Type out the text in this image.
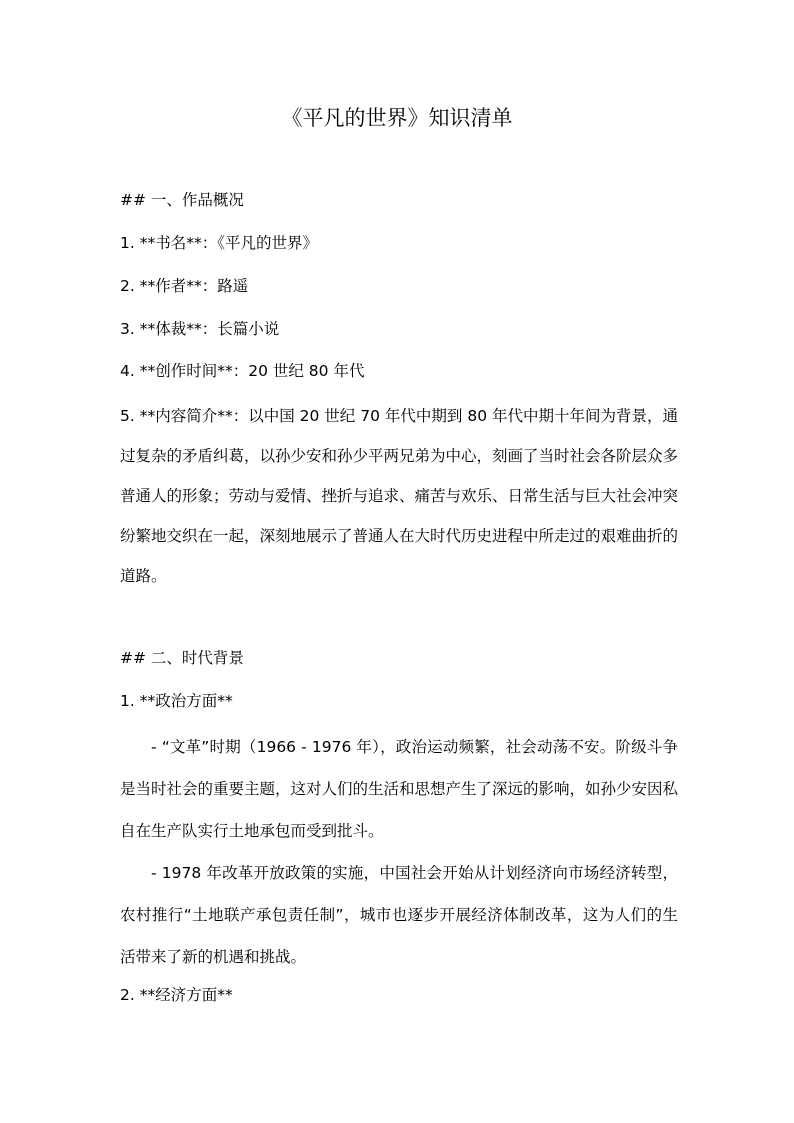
《平凡的世界》知识清单

## 一、作品概况

1. **书名**：《平凡的世界》

2. **作者**：路遥

3. **体裁**：长篇小说

4. **创作时间**：20 世纪 80 年代

5. **内容简介**：以中国 20 世纪 70 年代中期到 80 年代中期十年间为背景，通过复杂的矛盾纠葛，以孙少安和孙少平两兄弟为中心，刻画了当时社会各阶层众多普通人的形象；劳动与爱情、挫折与追求、痛苦与欢乐、日常生活与巨大社会冲突纷繁地交织在一起，深刻地展示了普通人在大时代历史进程中所走过的艰难曲折的道路。

## 二、时代背景

1. **政治方面**

- “文革”时期（1966 - 1976 年），政治运动频繁，社会动荡不安。阶级斗争是当时社会的重要主题，这对人们的生活和思想产生了深远的影响，如孙少安因私自在生产队实行土地承包而受到批斗。

- 1978 年改革开放政策的实施，中国社会开始从计划经济向市场经济转型，农村推行“土地联产承包责任制”，城市也逐步开展经济体制改革，这为人们的生活带来了新的机遇和挑战。

2. **经济方面**
